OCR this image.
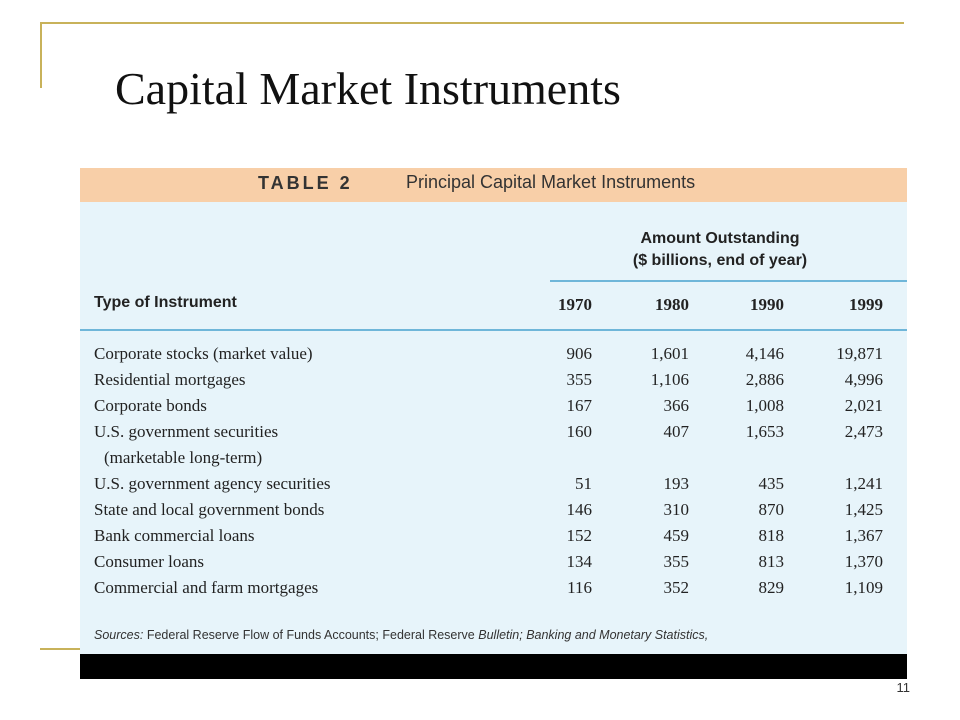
Capital Market Instruments
TABLE 2	Principal Capital Market Instruments
Amount Outstanding
($ billions, end of year)
Type of Instrument	1970	1980	1990	1999
Corporate stocks (market value)	906	1,601	4,146	19,871
Residential mortgages	355	1,106	2,886	4,996
Corporate bonds	167	366	1,008	2,021
U.S. government securities	160	407	1,653	2,473
(marketable long-term)
U.S. government agency securities	51	193	435	1,241
State and local government bonds	146	310	870	1,425
Bank commercial loans	152	459	818	1,367
Consumer loans	134	355	813	1,370
Commercial and farm mortgages	116	352	829	1,109
Sources: Federal Reserve Flow of Funds Accounts; Federal Reserve Bulletin; Banking and Monetary Statistics,
11
